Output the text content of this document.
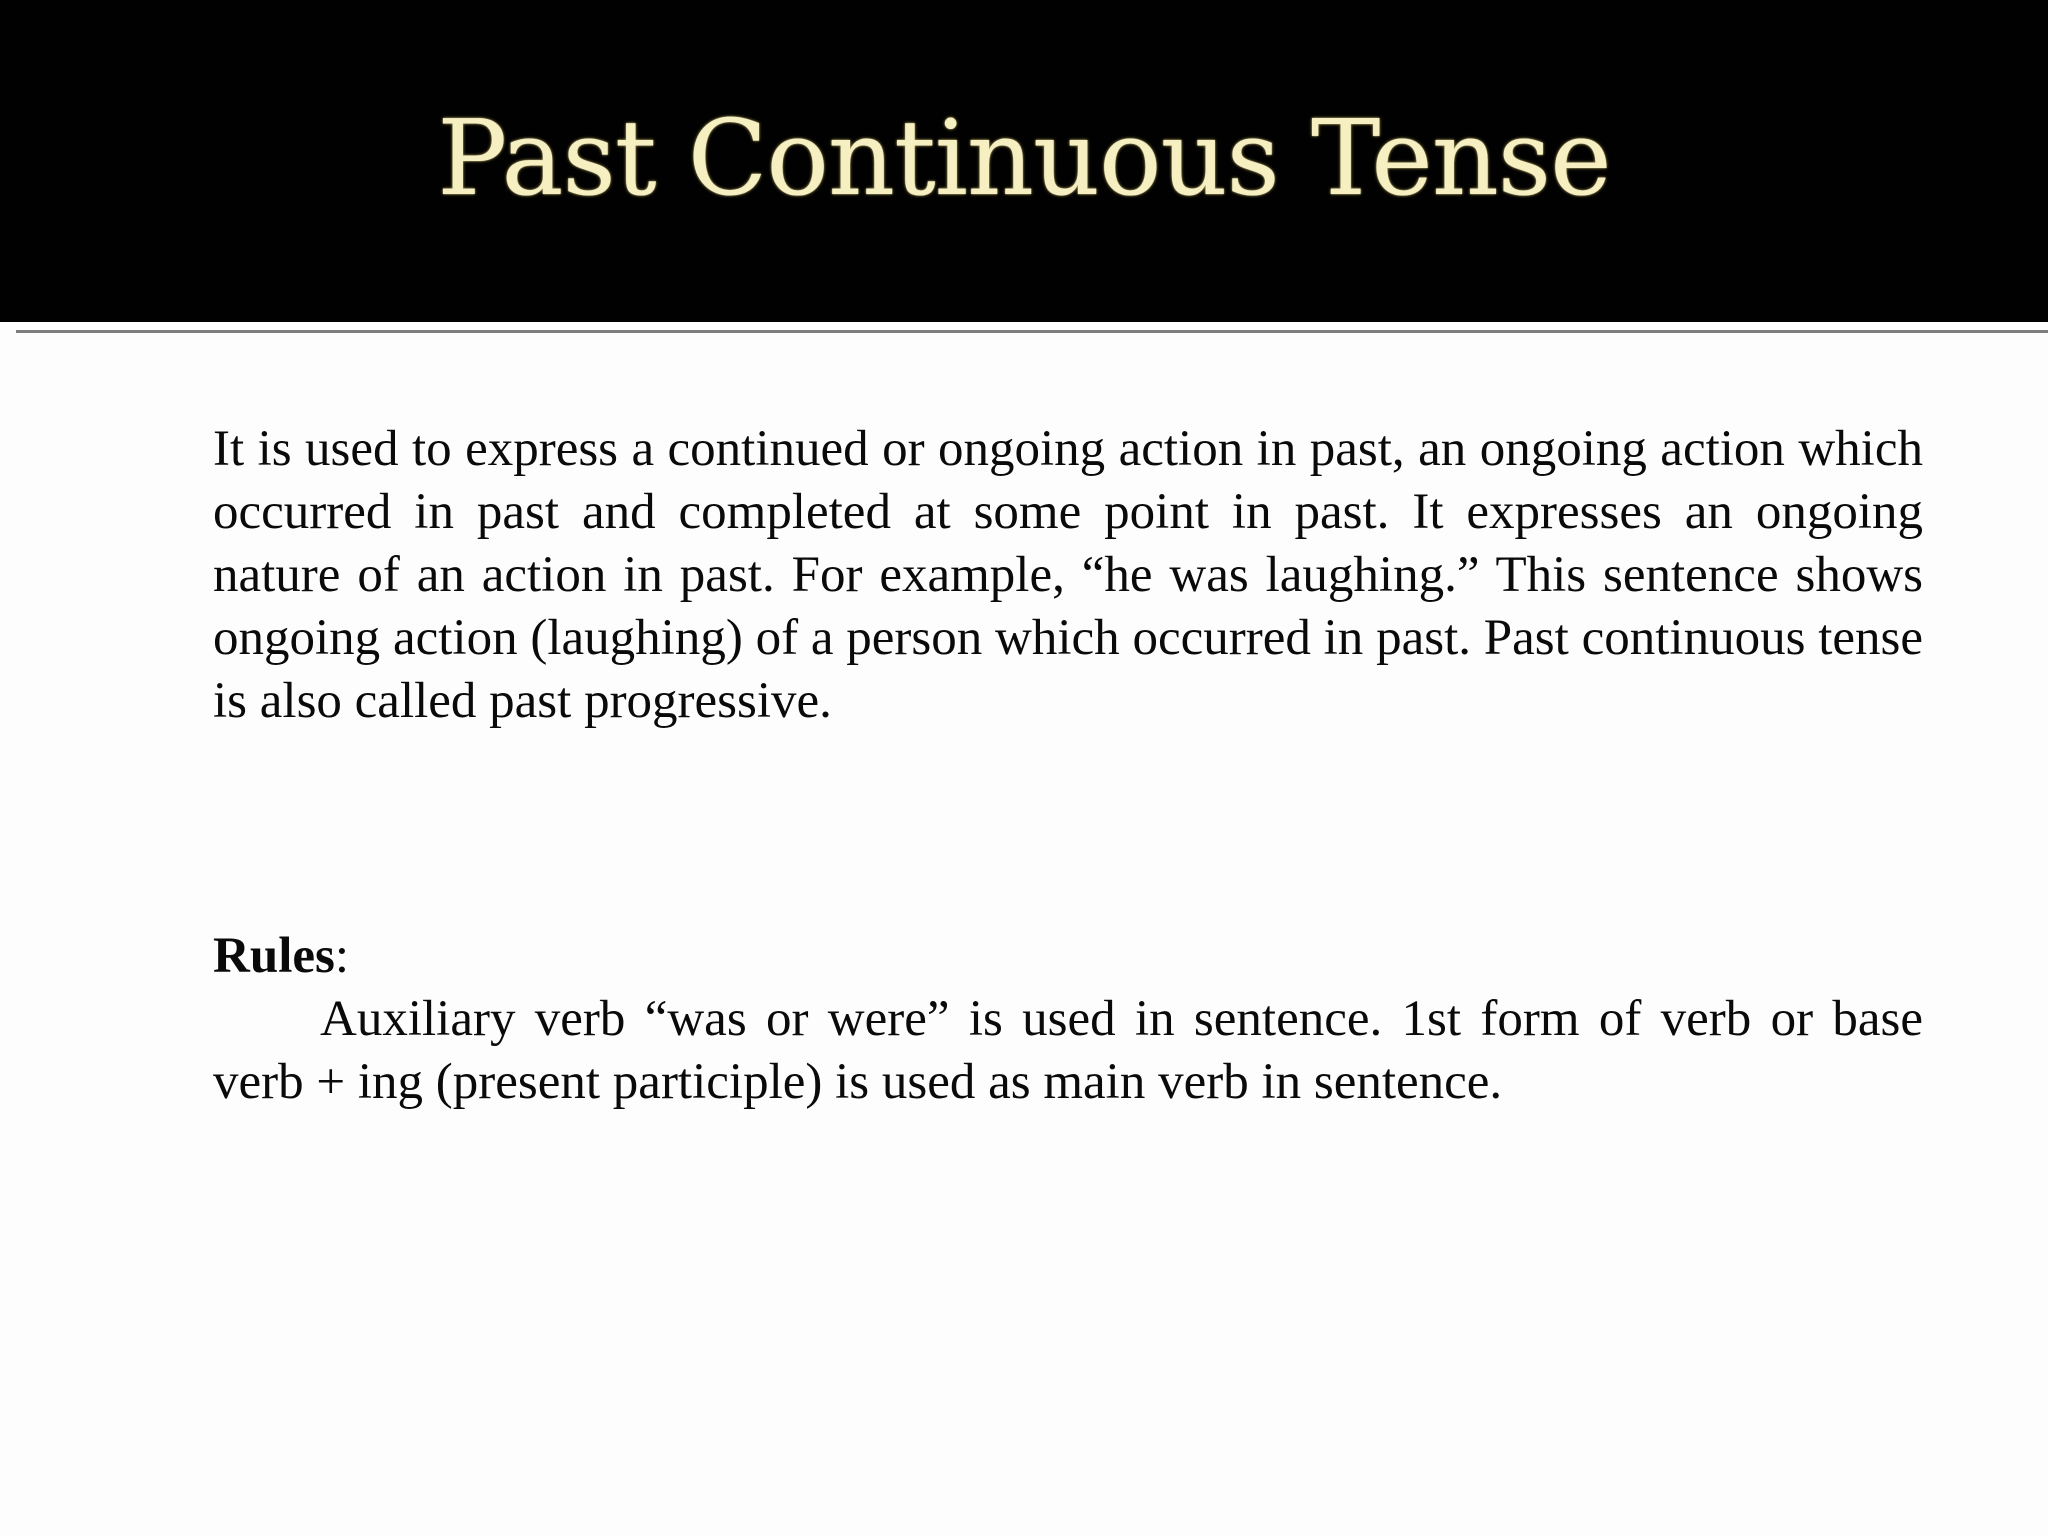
Past Continuous Tense

It is used to express a continued or ongoing action in past, an ongoing action which occurred in past and completed at some point in past. It expresses an ongoing nature of an action in past. For example, “he was laughing.” This sentence shows ongoing action (laughing) of a person which occurred in past. Past continuous tense is also called past progressive.

Rules:

Auxiliary verb “was or were” is used in sentence. 1st form of verb or base verb + ing (present participle) is used as main verb in sentence.
